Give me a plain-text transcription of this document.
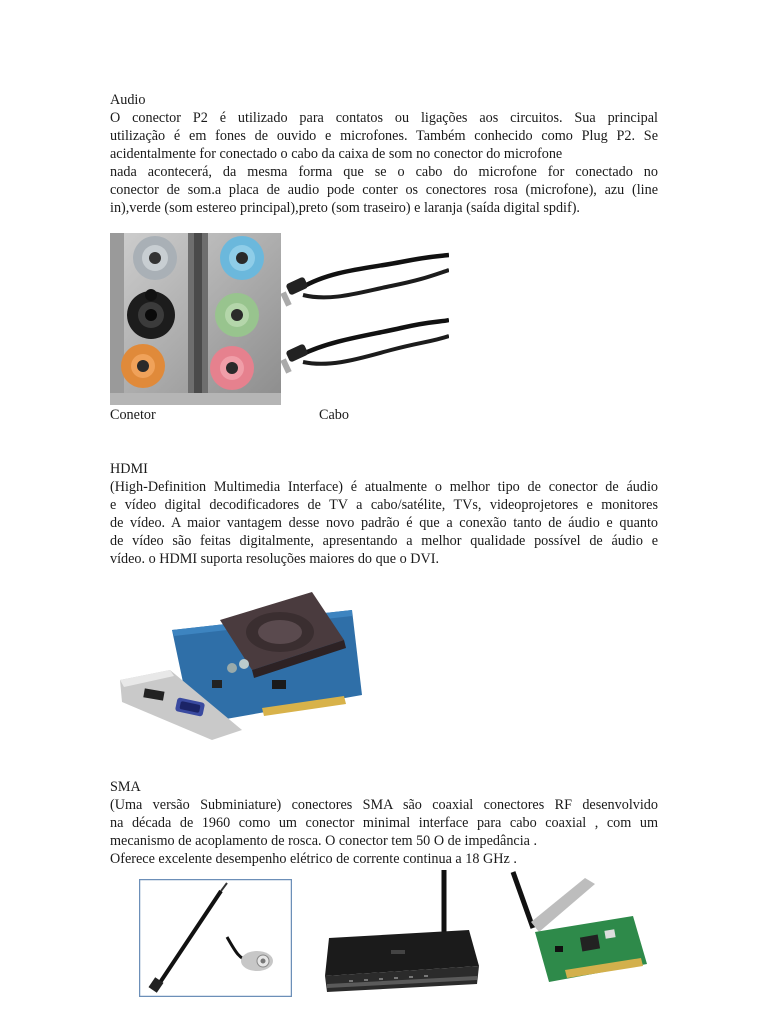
Audio
O conector P2 é utilizado para contatos ou ligações aos circuitos. Sua principal
utilização é em fones de ouvido e microfones. Também conhecido como Plug P2. Se
acidentalmente for conectado o cabo da caixa de som no conector do microfone
nada acontecerá, da mesma forma que se o cabo do microfone for conectado no
conector de som.a placa de audio pode conter os conectores rosa (microfone), azu (line
in),verde (som estereo principal),preto (som traseiro) e laranja (saída digital spdif).
Conetor	Cabo
HDMI
(High-Definition Multimedia Interface) é atualmente o melhor tipo de conector de áudio
e vídeo digital decodificadores de TV a cabo/satélite, TVs, videoprojetores e monitores
de vídeo. A maior vantagem desse novo padrão é que a conexão tanto de áudio e quanto
de vídeo são feitas digitalmente, apresentando a melhor qualidade possível de áudio e
vídeo. o HDMI suporta resoluções maiores do que o DVI.
SMA
(Uma versão Subminiature) conectores SMA são coaxial conectores RF desenvolvido
na década de 1960 como um conector minimal interface para cabo coaxial , com um
mecanismo de acoplamento de rosca. O conector tem 50 O de impedância .
Oferece excelente desempenho elétrico de corrente continua a 18 GHz .
